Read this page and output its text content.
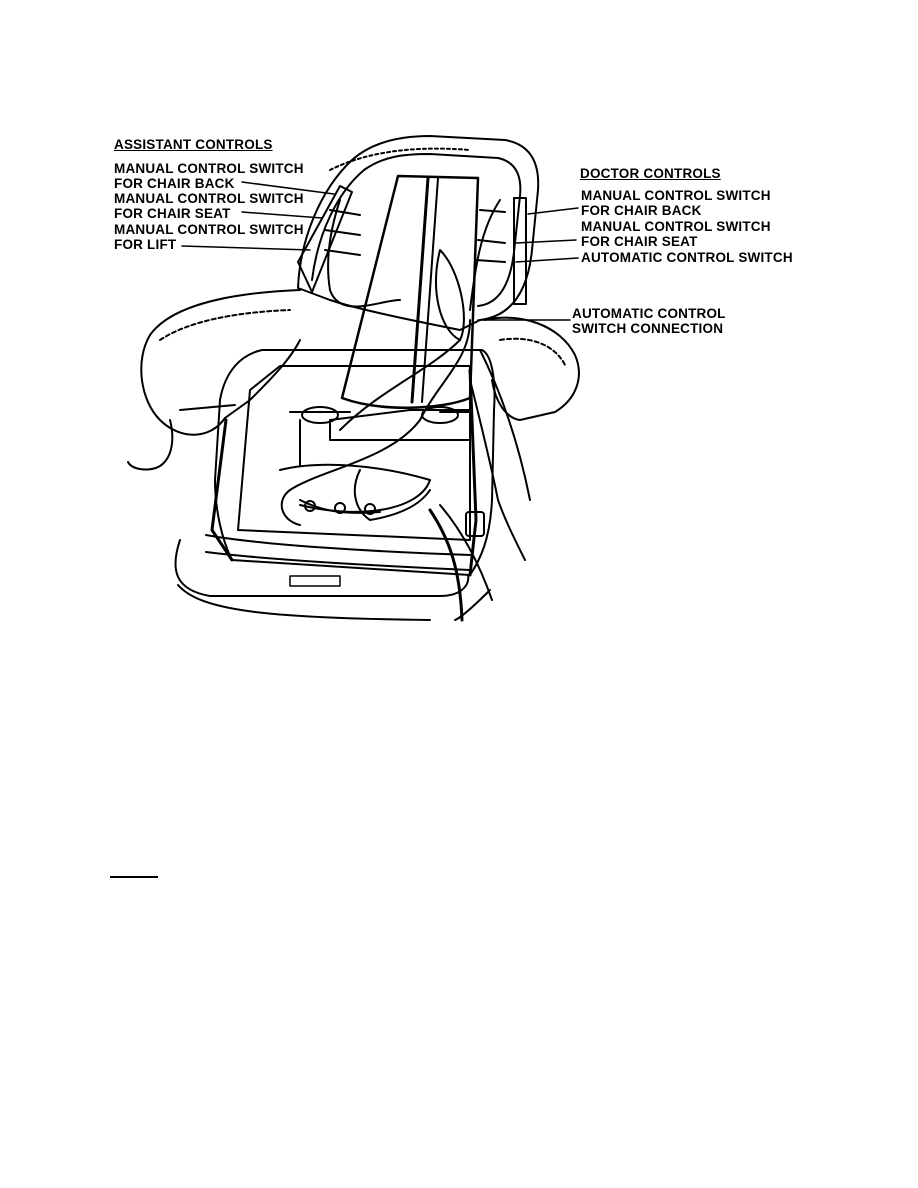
ASSISTANT CONTROLS
MANUAL CONTROL SWITCH
FOR CHAIR BACK
MANUAL CONTROL SWITCH
FOR CHAIR SEAT
MANUAL CONTROL SWITCH
FOR LIFT
DOCTOR CONTROLS
MANUAL CONTROL SWITCH
FOR CHAIR BACK
MANUAL CONTROL SWITCH
FOR CHAIR SEAT
AUTOMATIC CONTROL SWITCH
AUTOMATIC CONTROL
SWITCH CONNECTION
